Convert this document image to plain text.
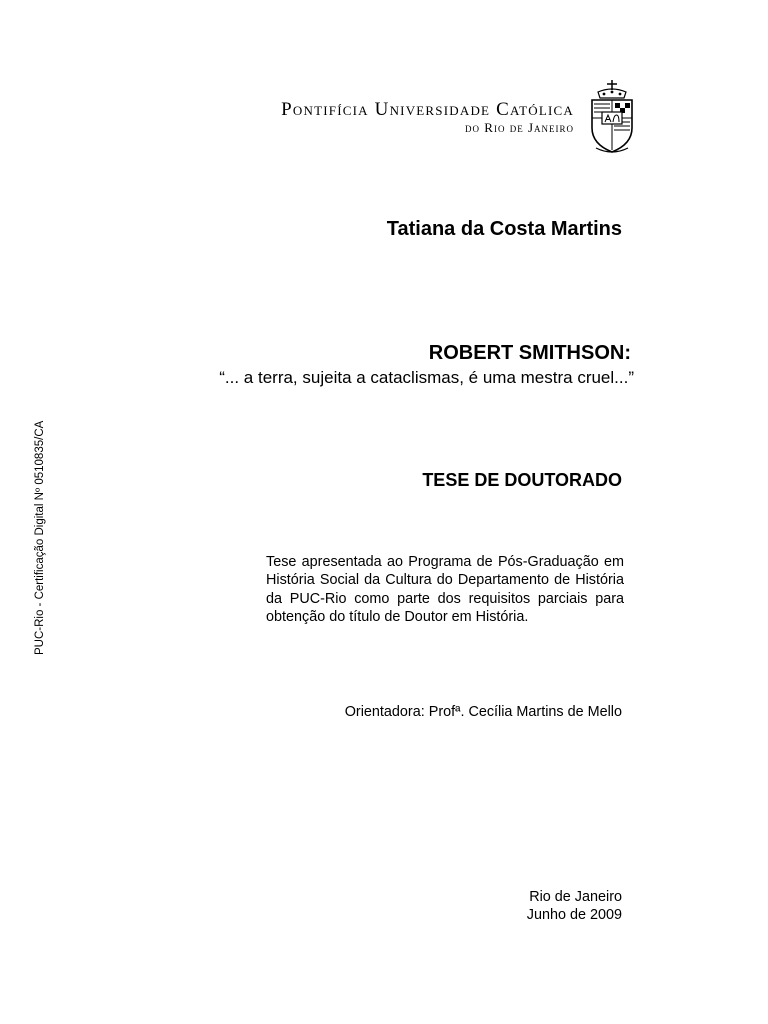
Pontifícia Universidade Católica
do Rio de Janeiro
Tatiana da Costa Martins
ROBERT SMITHSON:
“... a terra, sujeita a cataclismas, é uma mestra cruel...”
TESE DE DOUTORADO
Tese apresentada ao Programa de Pós-Graduação em História Social da Cultura do Departamento de História da PUC-Rio como parte dos requisitos parciais para obtenção do título de Doutor em História.
Orientadora: Profª. Cecília Martins de Mello
Rio de Janeiro
Junho de 2009
PUC-Rio - Certificação Digital Nº 0510835/CA
